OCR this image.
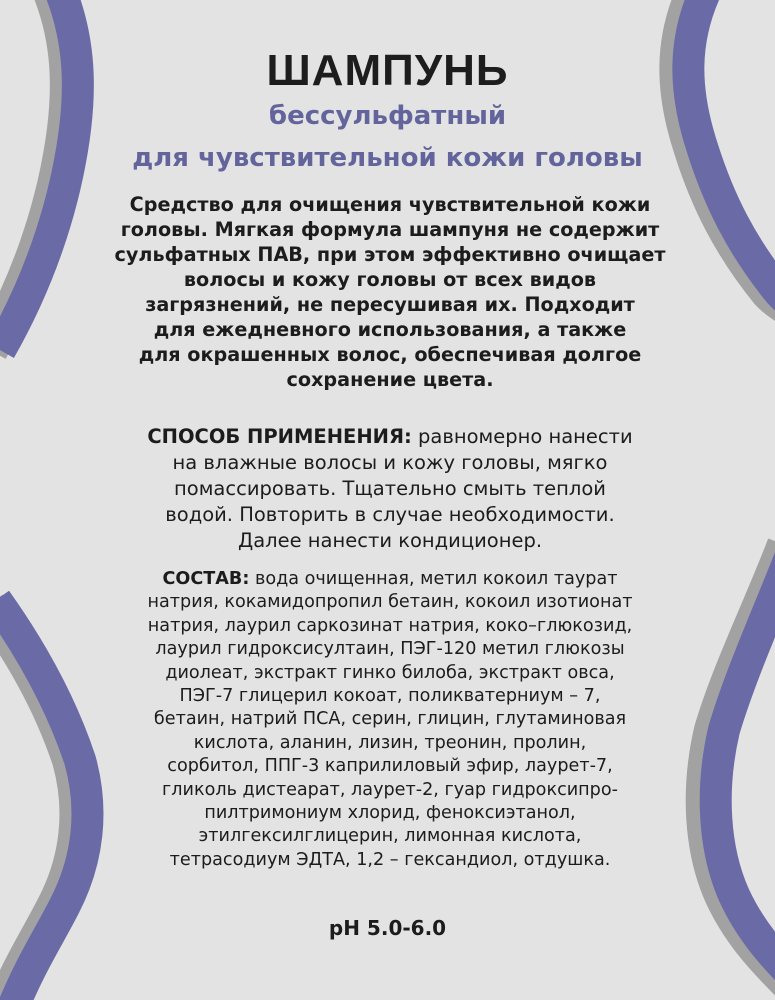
ШАМПУНЬ
бессульфатный
для чувствительной кожи головы
Средство для очищения чувствительной кожи
головы. Мягкая формула шампуня не содержит
сульфатных ПАВ, при этом эффективно очищает
волосы и кожу головы от всех видов
загрязнений, не пересушивая их. Подходит
для ежедневного использования, а также
для окрашенных волос, обеспечивая долгое
сохранение цвета.
СПОСОБ ПРИМЕНЕНИЯ: равномерно нанести
на влажные волосы и кожу головы, мягко
помассировать. Тщательно смыть теплой
водой. Повторить в случае необходимости.
Далее нанести кондиционер.
СОСТАВ: вода очищенная, метил кокоил таурат
натрия, кокамидопропил бетаин, кокоил изотионат
натрия, лаурил саркозинат натрия, коко–глюкозид,
лаурил гидроксисултаин, ПЭГ-120 метил глюкозы
диолеат, экстракт гинко билоба, экстракт овса,
ПЭГ-7 глицерил кокоат, поликватерниум – 7,
бетаин, натрий ПСА, серин, глицин, глутаминовая
кислота, аланин, лизин, треонин, пролин,
сорбитол, ППГ-3 каприлиловый эфир, лаурет-7,
гликоль дистеарат, лаурет-2, гуар гидроксипро-
пилтримониум хлорид, феноксиэтанол,
этилгексилглицерин, лимонная кислота,
тетрасодиум ЭДТА, 1,2 – гександиол, отдушка.
pH 5.0-6.0
